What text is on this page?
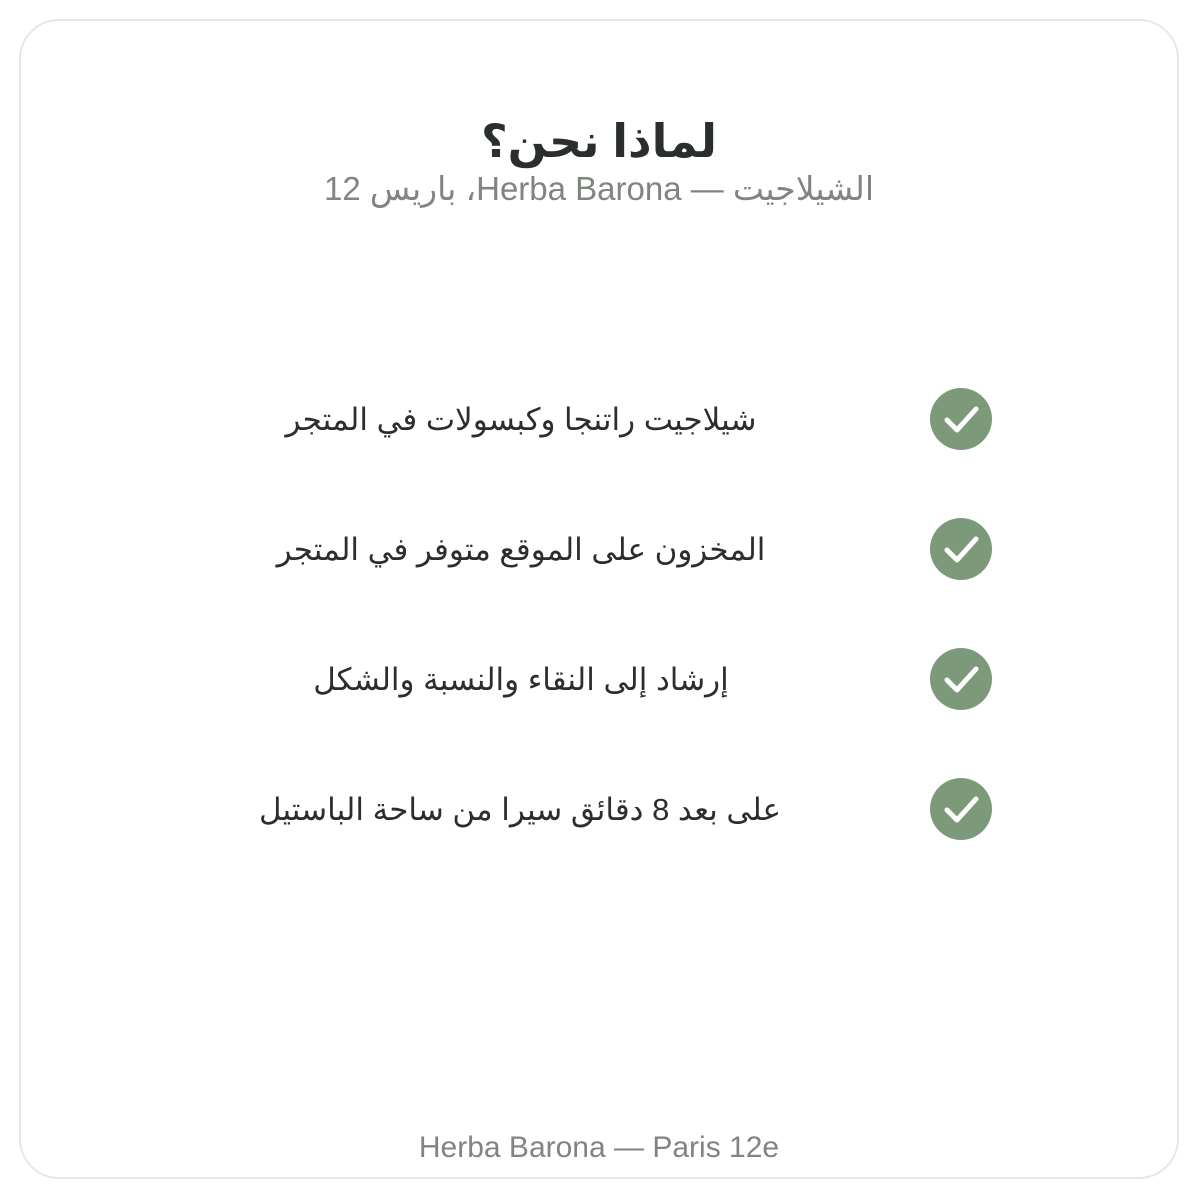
لماذا نحن؟
الشيلاجيت — Herba Barona، باريس 12
شيلاجيت راتنجا وكبسولات في المتجر
المخزون على الموقع متوفر في المتجر
إرشاد إلى النقاء والنسبة والشكل
على بعد 8 دقائق سيرا من ساحة الباستيل
Herba Barona — Paris 12e
